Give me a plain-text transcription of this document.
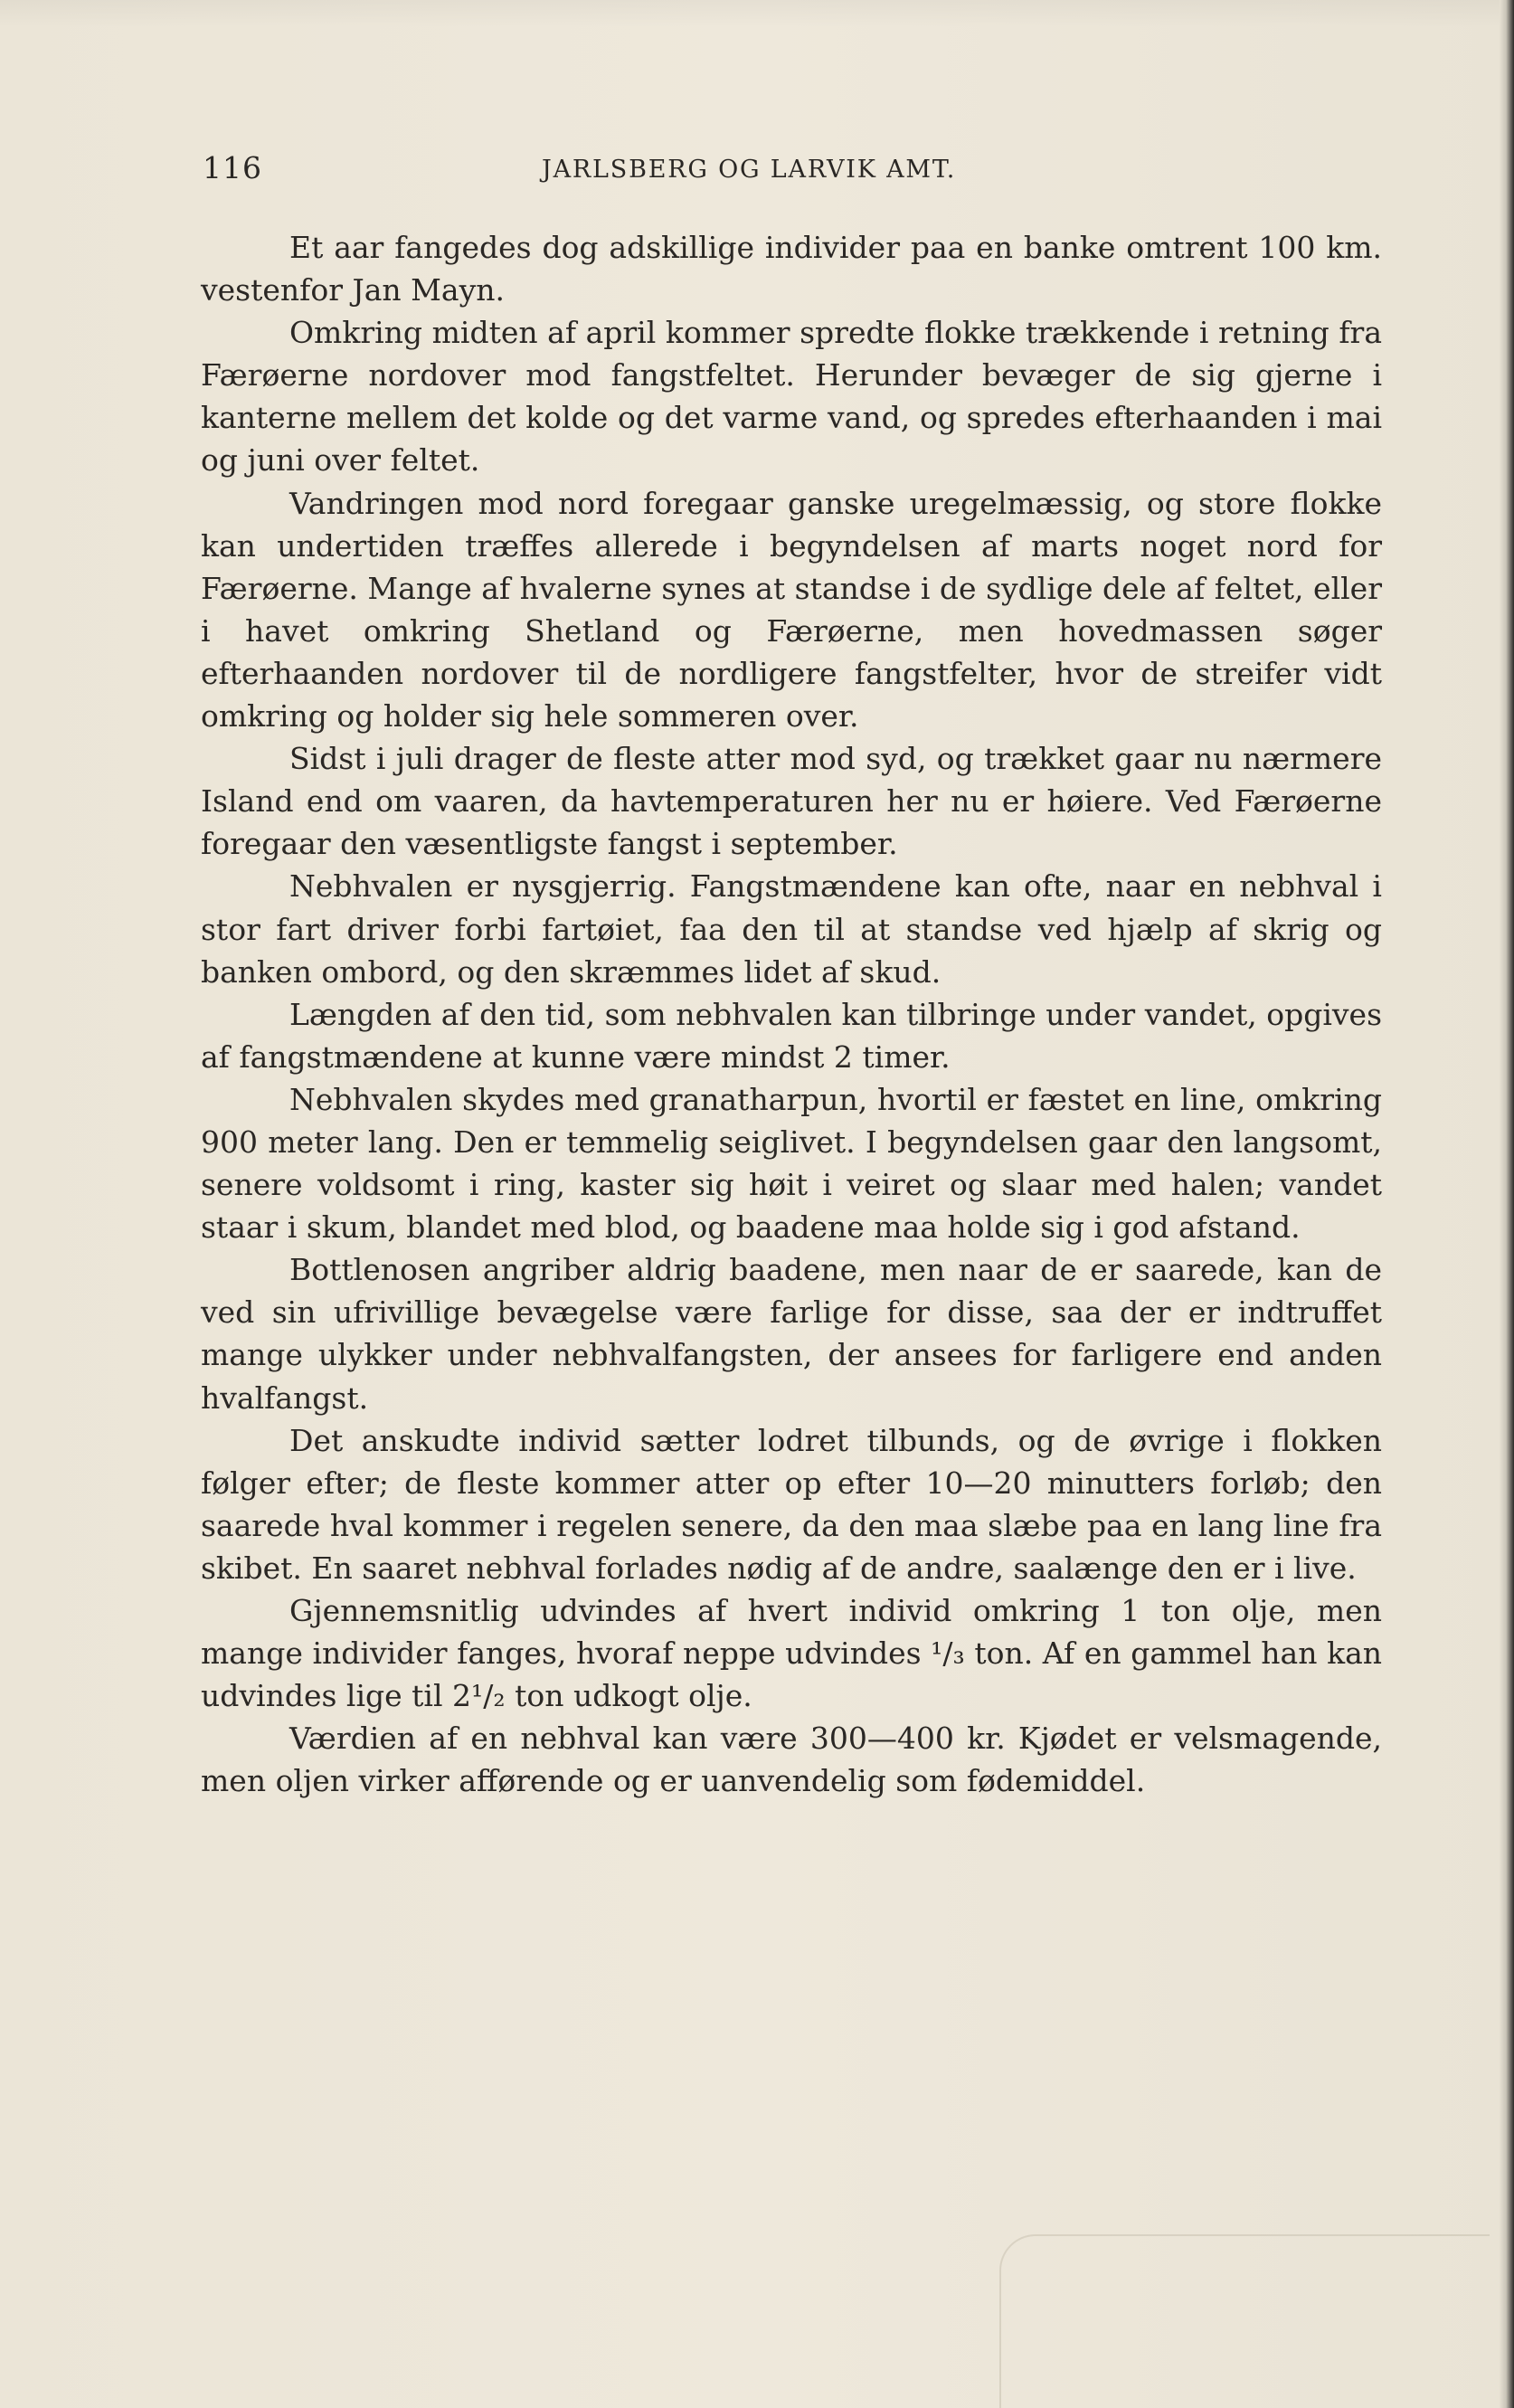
116	JARLSBERG OG LARVIK AMT.

Et aar fangedes dog adskillige individer paa en banke omtrent 100 km. vestenfor Jan Mayn.

Omkring midten af april kommer spredte flokke trækkende i retning fra Færøerne nordover mod fangstfeltet. Herunder bevæger de sig gjerne i kanterne mellem det kolde og det varme vand, og spredes efterhaanden i mai og juni over feltet.

Vandringen mod nord foregaar ganske uregelmæssig, og store flokke kan undertiden træffes allerede i begyndelsen af marts noget nord for Færøerne. Mange af hvalerne synes at standse i de sydlige dele af feltet, eller i havet omkring Shetland og Færøerne, men hovedmassen søger efterhaanden nordover til de nordligere fangstfelter, hvor de streifer vidt omkring og holder sig hele sommeren over.

Sidst i juli drager de fleste atter mod syd, og trækket gaar nu nærmere Island end om vaaren, da havtemperaturen her nu er høiere. Ved Færøerne foregaar den væsentligste fangst i september.

Nebhvalen er nysgjerrig. Fangstmændene kan ofte, naar en nebhval i stor fart driver forbi fartøiet, faa den til at standse ved hjælp af skrig og banken ombord, og den skræmmes lidet af skud.

Længden af den tid, som nebhvalen kan tilbringe under vandet, opgives af fangstmændene at kunne være mindst 2 timer.

Nebhvalen skydes med granatharpun, hvortil er fæstet en line, omkring 900 meter lang. Den er temmelig seiglivet. I begyndelsen gaar den langsomt, senere voldsomt i ring, kaster sig høit i veiret og slaar med halen; vandet staar i skum, blandet med blod, og baadene maa holde sig i god afstand.

Bottlenosen angriber aldrig baadene, men naar de er saarede, kan de ved sin ufrivillige bevægelse være farlige for disse, saa der er indtruffet mange ulykker under nebhvalfangsten, der ansees for farligere end anden hvalfangst.

Det anskudte individ sætter lodret tilbunds, og de øvrige i flokken følger efter; de fleste kommer atter op efter 10—20 minutters forløb; den saarede hval kommer i regelen senere, da den maa slæbe paa en lang line fra skibet. En saaret nebhval forlades nødig af de andre, saalænge den er i live.

Gjennemsnitlig udvindes af hvert individ omkring 1 ton olje, men mange individer fanges, hvoraf neppe udvindes ¹/₃ ton. Af en gammel han kan udvindes lige til 2¹/₂ ton udkogt olje.

Værdien af en nebhval kan være 300—400 kr. Kjødet er velsmagende, men oljen virker afførende og er uanvendelig som fødemiddel.
